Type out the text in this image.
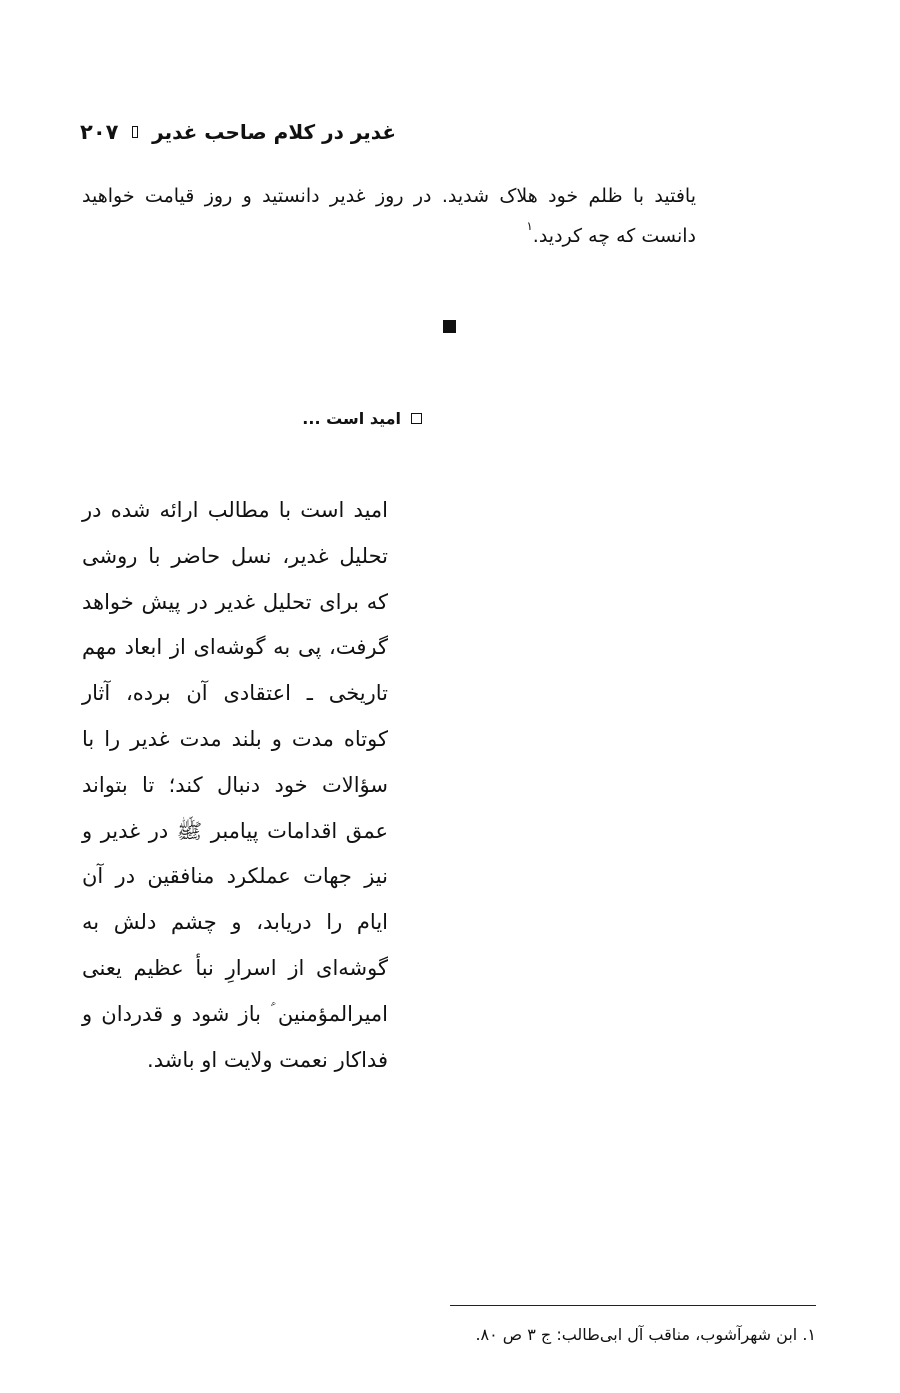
غدیر در کلام صاحب غدیر
۲۰۷
یافتید با ظلم خود هلاک شدید. در روز غدیر دانستید و روز قیامت خواهید دانست که چه کردید.$^۱$
امید است ...
امید است با مطالب ارائه شده در تحلیل غدیر، نسل حاضر با روشی که برای تحلیل غدیر در پیش خواهد گرفت، پی به گوشه‌ای از ابعاد مهم تاریخی ـ اعتقادی آن برده، آثار کوتاه مدت و بلند مدت غدیر را با سؤالات خود دنبال کند؛ تا بتواند عمق اقدامات پیامبر ﷺ در غدیر و نیز جهات عملکرد منافقین در آن ایام را دریابد، و چشم دلش به گوشه‌ای از اسرارِ نبأ عظیم یعنی امیرالمؤمنین ؑ باز شود و قدردان و فداکار نعمت ولایت او باشد.
۱. ابن شهرآشوب، مناقب آل ابی‌طالب: ج ۳ ص ۸۰.
